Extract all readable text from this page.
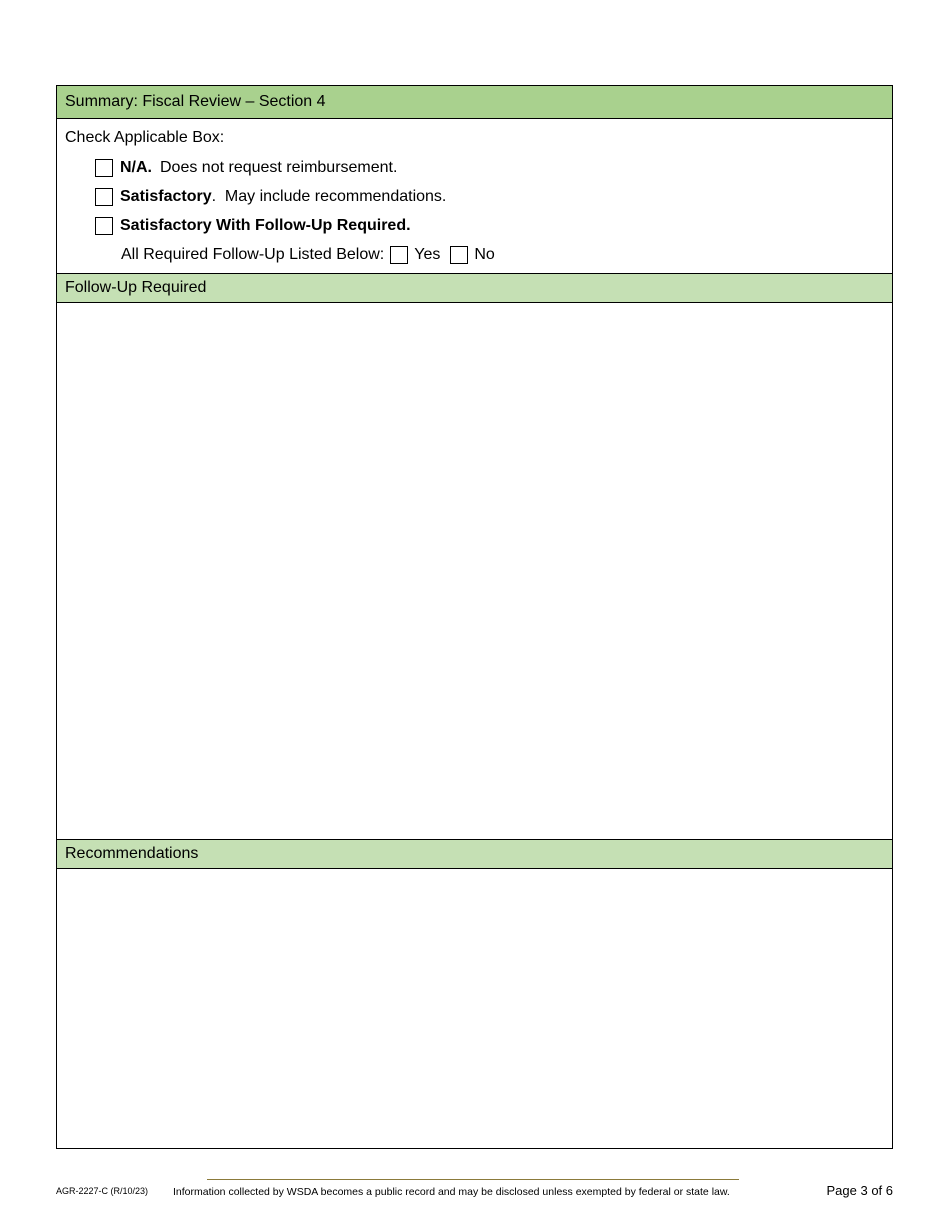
Summary: Fiscal Review – Section 4
Check Applicable Box:
N/A. Does not request reimbursement.
Satisfactory .  May include recommendations.
Satisfactory With Follow-Up Required.
All Required Follow-Up Listed Below: Yes No
Follow-Up Required
Recommendations
AGR-2227-C (R/10/23) Information collected by WSDA becomes a public record and may be disclosed unless exempted by federal or state law.	Page 3 of 6
